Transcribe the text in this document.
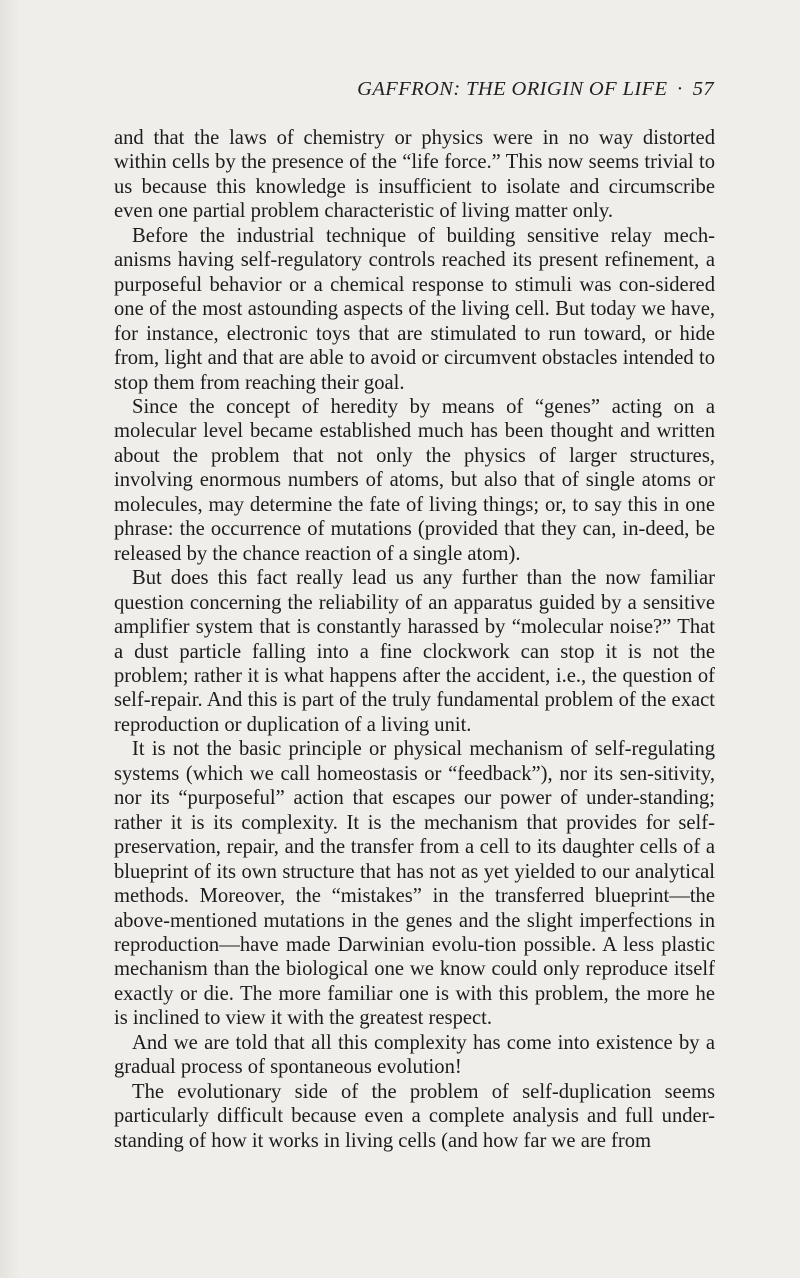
GAFFRON: THE ORIGIN OF LIFE · 57

and that the laws of chemistry or physics were in no way distorted within cells by the presence of the “life force.” This now seems trivial to us because this knowledge is insufficient to isolate and circumscribe even one partial problem characteristic of living matter only.

Before the industrial technique of building sensitive relay mech-anisms having self-regulatory controls reached its present refinement, a purposeful behavior or a chemical response to stimuli was con-sidered one of the most astounding aspects of the living cell. But today we have, for instance, electronic toys that are stimulated to run toward, or hide from, light and that are able to avoid or circumvent obstacles intended to stop them from reaching their goal.

Since the concept of heredity by means of “genes” acting on a molecular level became established much has been thought and written about the problem that not only the physics of larger structures, involving enormous numbers of atoms, but also that of single atoms or molecules, may determine the fate of living things; or, to say this in one phrase: the occurrence of mutations (provided that they can, in-deed, be released by the chance reaction of a single atom).

But does this fact really lead us any further than the now familiar question concerning the reliability of an apparatus guided by a sensitive amplifier system that is constantly harassed by “molecular noise?” That a dust particle falling into a fine clockwork can stop it is not the problem; rather it is what happens after the accident, i.e., the question of self-repair. And this is part of the truly fundamental problem of the exact reproduction or duplication of a living unit.

It is not the basic principle or physical mechanism of self-regulating systems (which we call homeostasis or “feedback”), nor its sen-sitivity, nor its “purposeful” action that escapes our power of under-standing; rather it is its complexity. It is the mechanism that provides for self-preservation, repair, and the transfer from a cell to its daughter cells of a blueprint of its own structure that has not as yet yielded to our analytical methods. Moreover, the “mistakes” in the transferred blueprint—the above-mentioned mutations in the genes and the slight imperfections in reproduction—have made Darwinian evolu-tion possible. A less plastic mechanism than the biological one we know could only reproduce itself exactly or die. The more familiar one is with this problem, the more he is inclined to view it with the greatest respect.

And we are told that all this complexity has come into existence by a gradual process of spontaneous evolution!

The evolutionary side of the problem of self-duplication seems particularly difficult because even a complete analysis and full under-standing of how it works in living cells (and how far we are from
